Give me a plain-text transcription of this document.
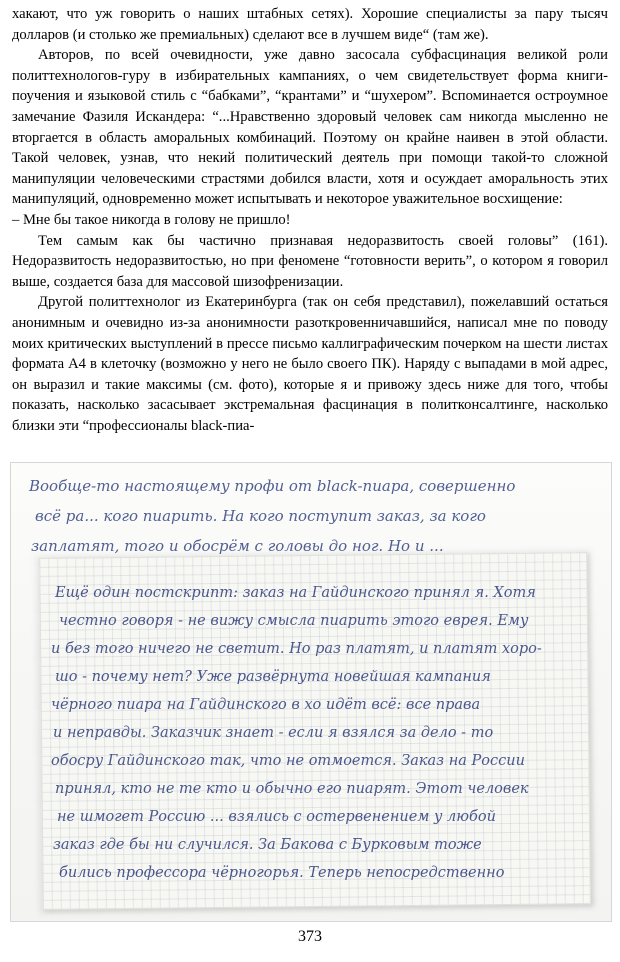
хакают, что уж говорить о наших штабных сетях). Хорошие специалисты за пару тысяч долларов (и столько же премиальных) сделают все в лучшем виде“ (там же).

Авторов, по всей очевидности, уже давно засосала субфасцинация великой роли политтехнологов-гуру в избирательных кампаниях, о чем свидетельствует форма книги-поучения и языковой стиль с “бабками”, “крантами” и “шухером”. Вспоминается остроумное замечание Фазиля Искандера: “...Нравственно здоровый человек сам никогда мысленно не вторгается в область аморальных комбинаций. Поэтому он крайне наивен в этой области. Такой человек, узнав, что некий политический деятель при помощи такой-то сложной манипуляции человеческими страстями добился власти, хотя и осуждает аморальность этих манипуляций, одновременно может испытывать и некоторое уважительное восхищение:

– Мне бы такое никогда в голову не пришло!

Тем самым как бы частично признавая недоразвитость своей головы” (161). Недоразвитость недоразвитостью, но при феномене “готовности верить”, о котором я говорил выше, создается база для массовой шизофренизации.

Другой политтехнолог из Екатеринбурга (так он себя представил), пожелавший остаться анонимным и очевидно из-за анонимности разоткровенничавшийся, написал мне по поводу моих критических выступлений в прессе письмо каллиграфическим почерком на шести листах формата А4 в клеточку (возможно у него не было своего ПК). Наряду с выпадами в мой адрес, он выразил и такие максимы (см. фото), которые я и привожу здесь ниже для того, чтобы показать, насколько засасывает экстремальная фасцинация в политконсалтинге, насколько близки эти “профессионалы black-пиа-

Вообще-то настоящему профи от black-пиара, совершенно
всё ра... кого пиарить. На кого поступит заказ, за кого
заплатят, того и обосрём с головы до ног. Но и ...
Ещё один постскрипт: заказ на Гайдинского принял я. Хотя
честно говоря - не вижу смысла пиарить этого еврея. Ему
и без того ничего не светит. Но раз платят, и платят хоро-
шо - почему нет? Уже развёрнута новейшая кампания
чёрного пиара на Гайдинского в хо идёт всё: все права
и неправды. Заказчик знает - если я взялся за дело - то
обосру Гайдинского так, что не отмоется. Заказ на России
принял, кто не те кто и обычно его пиарят. Этот человек
не шмогет Россию ... взялись с остервенением у любой
заказ где бы ни случился. За Бакова с Бурковым тоже
бились профессора чёрногорья. Теперь непосредственно
373
